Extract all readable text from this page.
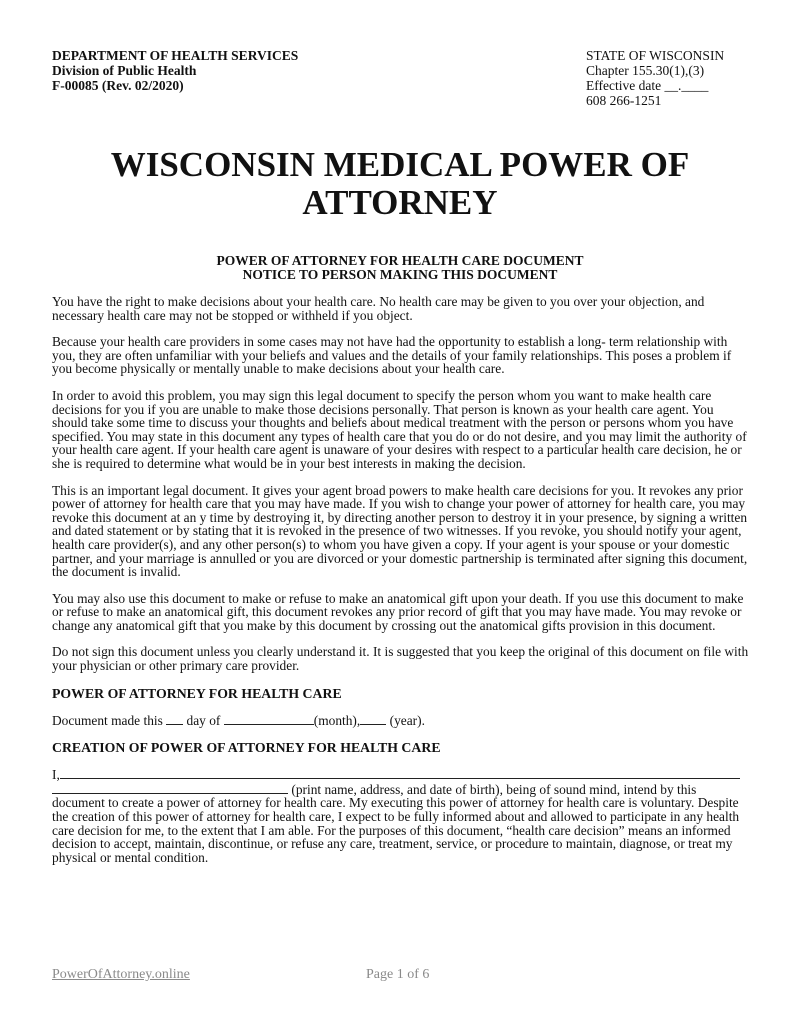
DEPARTMENT OF HEALTH SERVICES
Division of Public Health
F-00085 (Rev. 02/2020)
STATE OF WISCONSIN
Chapter 155.30(1),(3)
Effective date __.____
608 266-1251
WISCONSIN MEDICAL POWER OF
ATTORNEY
POWER OF ATTORNEY FOR HEALTH CARE DOCUMENT
NOTICE TO PERSON MAKING THIS DOCUMENT

You have the right to make decisions about your health care. No health care may be given to you over your objection, and necessary health care may not be stopped or withheld if you object.

Because your health care providers in some cases may not have had the opportunity to establish a long- term relationship with you, they are often unfamiliar with your beliefs and values and the details of your family relationships. This poses a problem if you become physically or mentally unable to make decisions about your health care.

In order to avoid this problem, you may sign this legal document to specify the person whom you want to make health care decisions for you if you are unable to make those decisions personally. That person is known as your health care agent. You should take some time to discuss your thoughts and beliefs about medical treatment with the person or persons whom you have specified. You may state in this document any types of health care that you do or do not desire, and you may limit the authority of your health care agent. If your health care agent is unaware of your desires with respect to a particular health care decision, he or she is required to determine what would be in your best interests in making the decision.

This is an important legal document. It gives your agent broad powers to make health care decisions for you. It revokes any prior power of attorney for health care that you may have made. If you wish to change your power of attorney for health care, you may revoke this document at an y time by destroying it, by directing another person to destroy it in your presence, by signing a written and dated statement or by stating that it is revoked in the presence of two witnesses. If you revoke, you should notify your agent, health care provider(s), and any other person(s) to whom you have given a copy. If your agent is your spouse or your domestic partner, and your marriage is annulled or you are divorced or your domestic partnership is terminated after signing this document, the document is invalid.

You may also use this document to make or refuse to make an anatomical gift upon your death. If you use this document to make or refuse to make an anatomical gift, this document revokes any prior record of gift that you may have made. You may revoke or change any anatomical gift that you make by this document by crossing out the anatomical gifts provision in this document.

Do not sign this document unless you clearly understand it. It is suggested that you keep the original of this document on file with your physician or other primary care provider.

POWER OF ATTORNEY FOR HEALTH CARE

Document made this day of	(month), (year).

CREATION OF POWER OF ATTORNEY FOR HEALTH CARE

I,
(print name, address, and date of birth), being of sound mind, intend by this document to create a power of attorney for health care. My executing this power of attorney for health care is voluntary. Despite the creation of this power of attorney for health care, I expect to be fully informed about and allowed to participate in any health care decision for me, to the extent that I am able. For the purposes of this document, “health care decision” means an informed decision to accept, maintain, discontinue, or refuse any care, treatment, service, or procedure to maintain, diagnose, or treat my physical or mental condition.

PowerOfAttorney.online	Page 1 of 6
